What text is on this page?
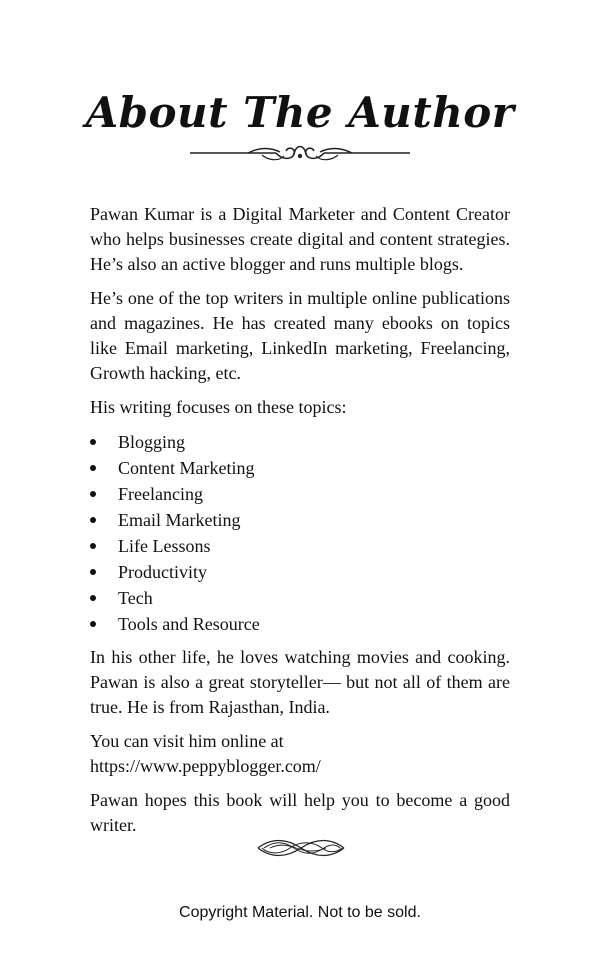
About The Author

Pawan Kumar is a Digital Marketer and Content Creator who helps businesses create digital and content strategies. He’s also an active blogger and runs multiple blogs.

He’s one of the top writers in multiple online publications and magazines. He has created many ebooks on topics like Email marketing, LinkedIn marketing, Freelancing, Growth hacking, etc.

His writing focuses on these topics:

Blogging
Content Marketing
Freelancing
Email Marketing
Life Lessons
Productivity
Tech
Tools and Resource

In his other life, he loves watching movies and cooking. Pawan is also a great storyteller— but not all of them are true. He is from Rajasthan, India.

You can visit him online at
https://www.peppyblogger.com/

Pawan hopes this book will help you to become a good writer.

Copyright Material. Not to be sold.
